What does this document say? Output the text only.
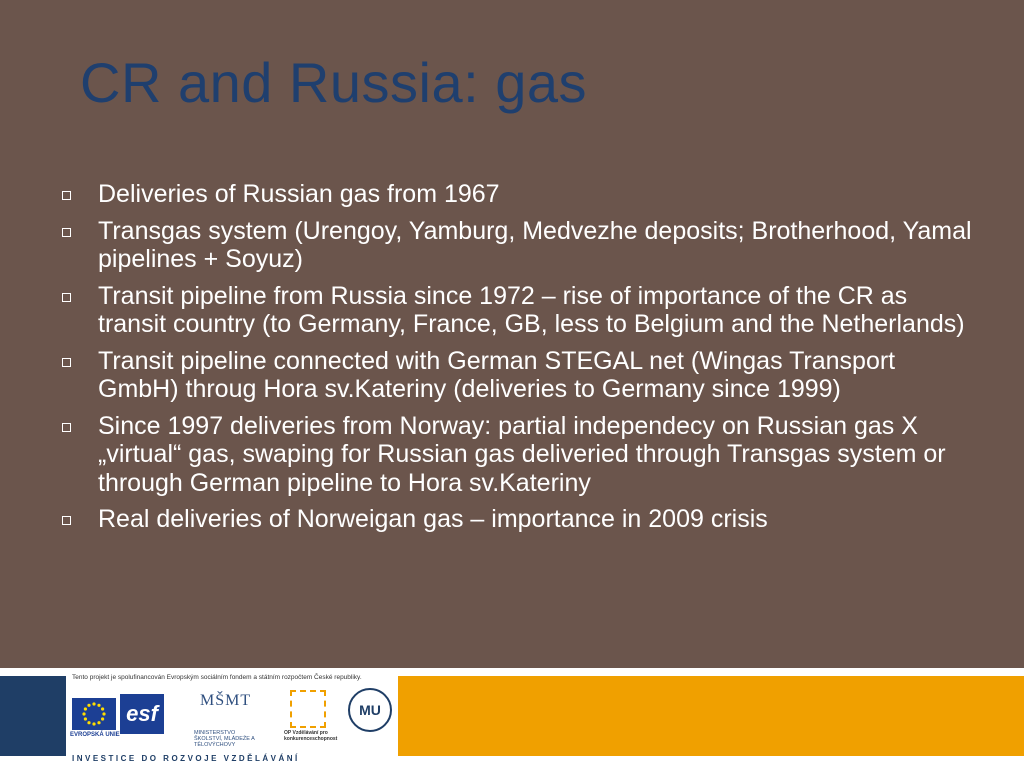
CR and Russia: gas
Deliveries of Russian gas from 1967
Transgas system (Urengoy, Yamburg, Medvezhe deposits; Brotherhood, Yamal pipelines + Soyuz)
Transit pipeline from Russia since 1972 – rise of importance of the CR as transit country (to Germany, France, GB, less to Belgium and the Netherlands)
Transit pipeline connected with German STEGAL net (Wingas Transport GmbH) throug Hora sv.Kateriny (deliveries to Germany since 1999)
Since 1997 deliveries from Norway: partial independecy on Russian gas X „virtual“ gas, swaping for Russian gas deliveried through Transgas system or through German pipeline to Hora sv.Kateriny
Real deliveries of Norweigan gas – importance in 2009 crisis
Tento projekt je spolufinancován Evropským sociálním fondem a státním rozpočtem České republiky.
EVROPSKÁ UNIE
esf
MŠMT
MINISTERSTVO ŠKOLSTVÍ, MLÁDEŽE A TĚLOVÝCHOVY
OP Vzdělávání pro konkurenceschopnost
MU
INVESTICE DO ROZVOJE VZDĚLÁVÁNÍ
